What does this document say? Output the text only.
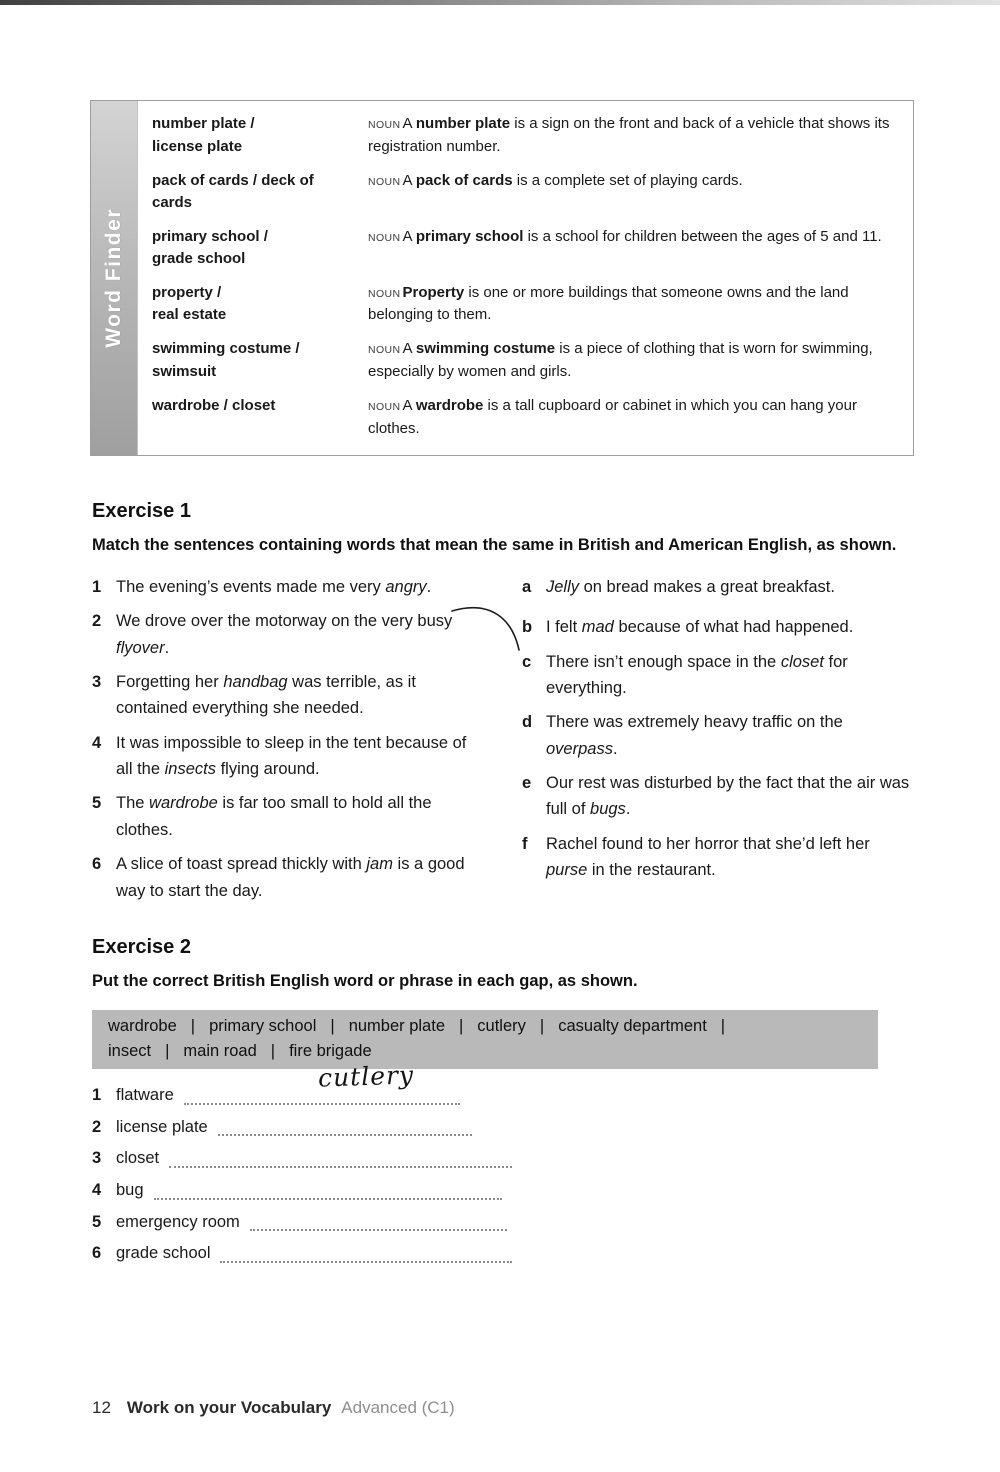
Word Finder
number plate /
license plate
NOUN A number plate is a sign on the front and back of a vehicle that shows its registration number.
pack of cards / deck of
cards
NOUN A pack of cards is a complete set of playing cards.
primary school /
grade school
NOUN A primary school is a school for children between the ages of 5 and 11.
property /
real estate
NOUN Property is one or more buildings that someone owns and the land belonging to them.
swimming costume /
swimsuit
NOUN A swimming costume is a piece of clothing that is worn for swimming, especially by women and girls.
wardrobe / closet	NOUN A wardrobe is a tall cupboard or cabinet in which you can hang your clothes.
Exercise 1

Match the sentences containing words that mean the same in British and American English, as shown.

1 The evening’s events made me very angry.
2 We drove over the motorway on the very busy flyover.
3 Forgetting her handbag was terrible, as it contained everything she needed.
4 It was impossible to sleep in the tent because of all the insects flying around.
5 The wardrobe is far too small to hold all the clothes.
6 A slice of toast spread thickly with jam is a good way to start the day.
a Jelly on bread makes a great breakfast.
b I felt mad because of what had happened.
c There isn’t enough space in the closet for everything.
d There was extremely heavy traffic on the overpass.
e Our rest was disturbed by the fact that the air was full of bugs.
f	Rachel found to her horror that she’d left her purse in the restaurant.
Exercise 2

Put the correct British English word or phrase in each gap, as shown.

wardrobe | primary school | number plate | cutlery | casualty department |
insect | main road | fire brigade
1 flatware
2 license plate
3 closet
4 bug
5 emergency room
6 grade school
cutlery
12 Work on your Vocabulary Advanced (C1)
